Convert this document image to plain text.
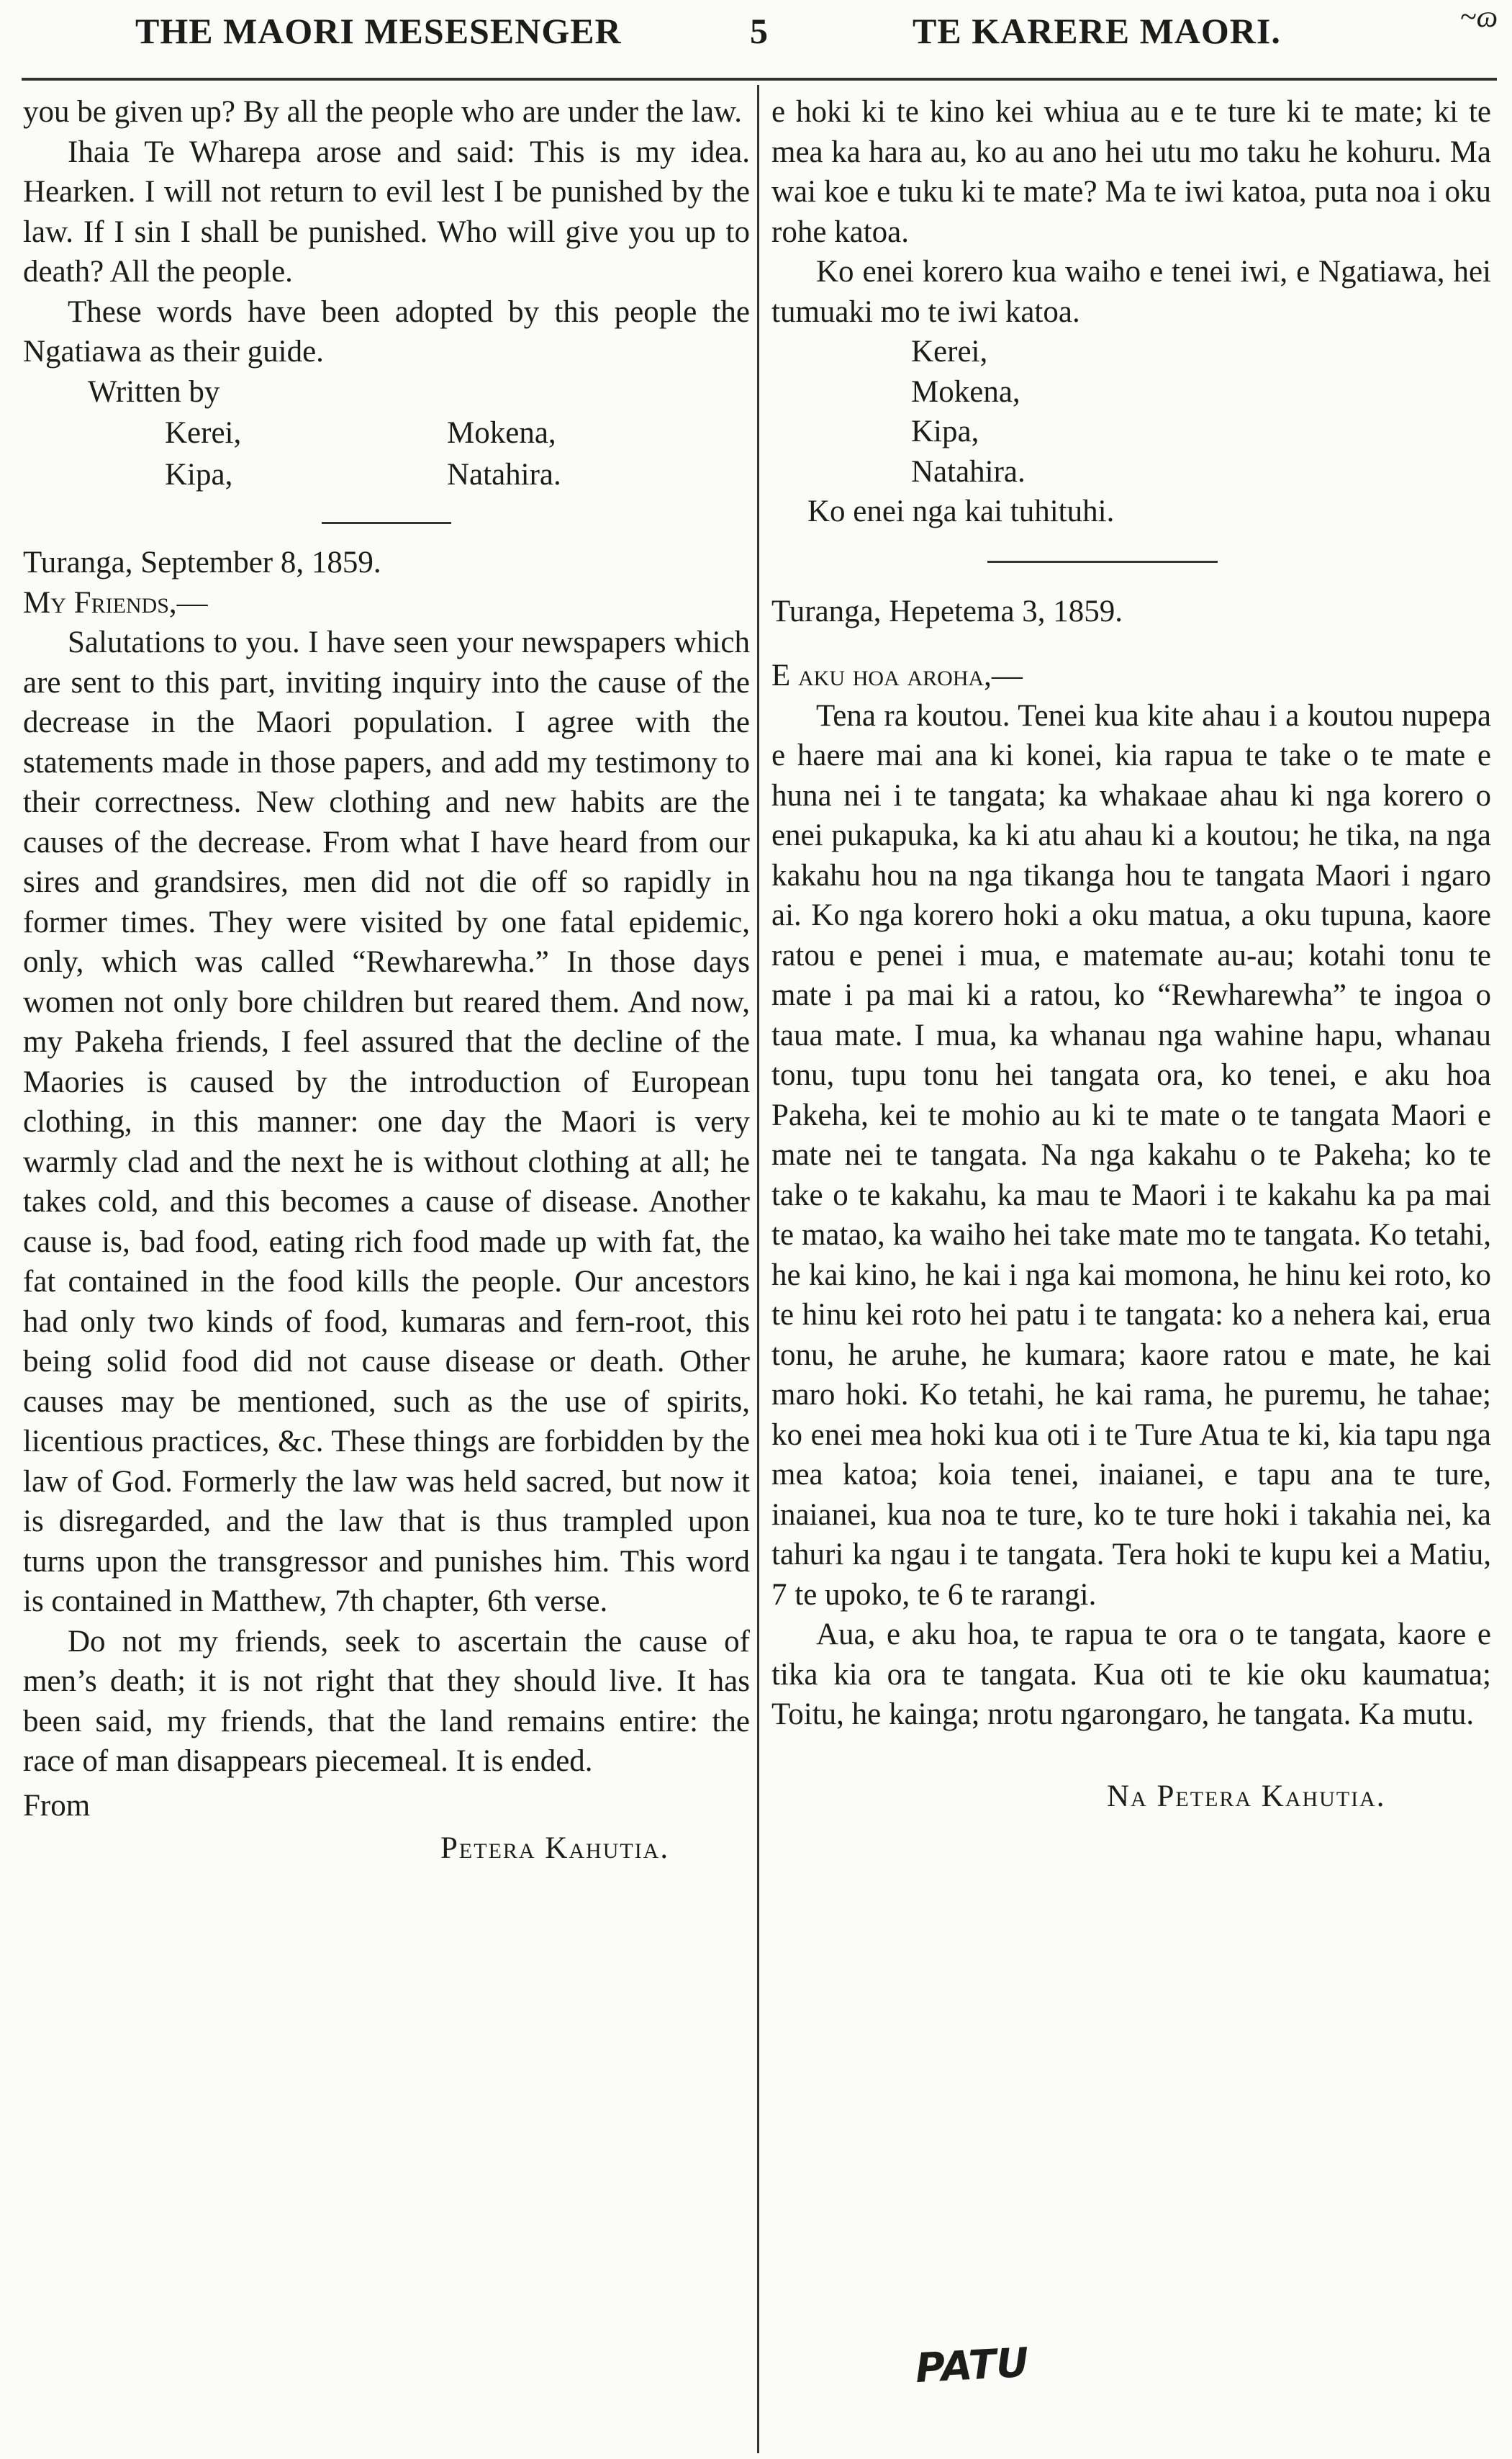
THE MAORI MESESENGER	5	TE KARERE MAORI.	~ɷ

you be given up? By all the people who are under the law.

Ihaia Te Wharepa arose and said: This is my idea. Hearken. I will not return to evil lest I be punished by the law. If I sin I shall be punished. Who will give you up to death? All the people.

These words have been adopted by this people the Ngatiawa as their guide.

Written by

Kerei,	Mokena,
Kipa,	Natahira.

Turanga, September 8, 1859.

My Friends,—

Salutations to you. I have seen your newspapers which are sent to this part, inviting inquiry into the cause of the decrease in the Maori population. I agree with the statements made in those papers, and add my testimony to their correctness. New clothing and new habits are the causes of the decrease. From what I have heard from our sires and grandsires, men did not die off so rapidly in former times. They were visited by one fatal epidemic, only, which was called “Rewharewha.” In those days women not only bore children but reared them. And now, my Pakeha friends, I feel assured that the decline of the Maories is caused by the introduction of European clothing, in this manner: one day the Maori is very warmly clad and the next he is without clothing at all; he takes cold, and this becomes a cause of disease. Another cause is, bad food, eating rich food made up with fat, the fat contained in the food kills the people. Our ancestors had only two kinds of food, kumaras and fern-root, this being solid food did not cause disease or death. Other causes may be mentioned, such as the use of spirits, licentious practices, &c. These things are forbidden by the law of God. Formerly the law was held sacred, but now it is disregarded, and the law that is thus trampled upon turns upon the transgressor and punishes him. This word is contained in Matthew, 7th chapter, 6th verse.

Do not my friends, seek to ascertain the cause of men’s death; it is not right that they should live. It has been said, my friends, that the land remains entire: the race of man disappears piecemeal. It is ended.

From

Petera Kahutia.

e hoki ki te kino kei whiua au e te ture ki te mate; ki te mea ka hara au, ko au ano hei utu mo taku he kohuru. Ma wai koe e tuku ki te mate? Ma te iwi katoa, puta noa i oku rohe katoa.

Ko enei korero kua waiho e tenei iwi, e Ngatiawa, hei tumuaki mo te iwi katoa.

Kerei,

Mokena,

Kipa,

Natahira.

Ko enei nga kai tuhituhi.

Turanga, Hepetema 3, 1859.

E aku hoa aroha,—

Tena ra koutou. Tenei kua kite ahau i a koutou nupepa e haere mai ana ki konei, kia rapua te take o te mate e huna nei i te tangata; ka whakaae ahau ki nga korero o enei pukapuka, ka ki atu ahau ki a koutou; he tika, na nga kakahu hou na nga tikanga hou te tangata Maori i ngaro ai. Ko nga korero hoki a oku matua, a oku tupuna, kaore ratou e penei i mua, e matemate au-au; kotahi tonu te mate i pa mai ki a ratou, ko “Rewharewha” te ingoa o taua mate. I mua, ka whanau nga wahine hapu, whanau tonu, tupu tonu hei tangata ora, ko tenei, e aku hoa Pakeha, kei te mohio au ki te mate o te tangata Maori e mate nei te tangata. Na nga kakahu o te Pakeha; ko te take o te kakahu, ka mau te Maori i te kakahu ka pa mai te matao, ka waiho hei take mate mo te tangata. Ko tetahi, he kai kino, he kai i nga kai momona, he hinu kei roto, ko te hinu kei roto hei patu i te tangata: ko a nehera kai, erua tonu, he aruhe, he kumara; kaore ratou e mate, he kai maro hoki. Ko tetahi, he kai rama, he puremu, he tahae; ko enei mea hoki kua oti i te Ture Atua te ki, kia tapu nga mea katoa; koia tenei, inaianei, e tapu ana te ture, inaianei, kua noa te ture, ko te ture hoki i takahia nei, ka tahuri ka ngau i te tangata. Tera hoki te kupu kei a Matiu, 7 te upoko, te 6 te rarangi.

Aua, e aku hoa, te rapua te ora o te tangata, kaore e tika kia ora te tangata. Kua oti te kie oku kaumatua; Toitu, he kainga; nrotu ngarongaro, he tangata. Ka mutu.

Na Petera Kahutia.

PATU
